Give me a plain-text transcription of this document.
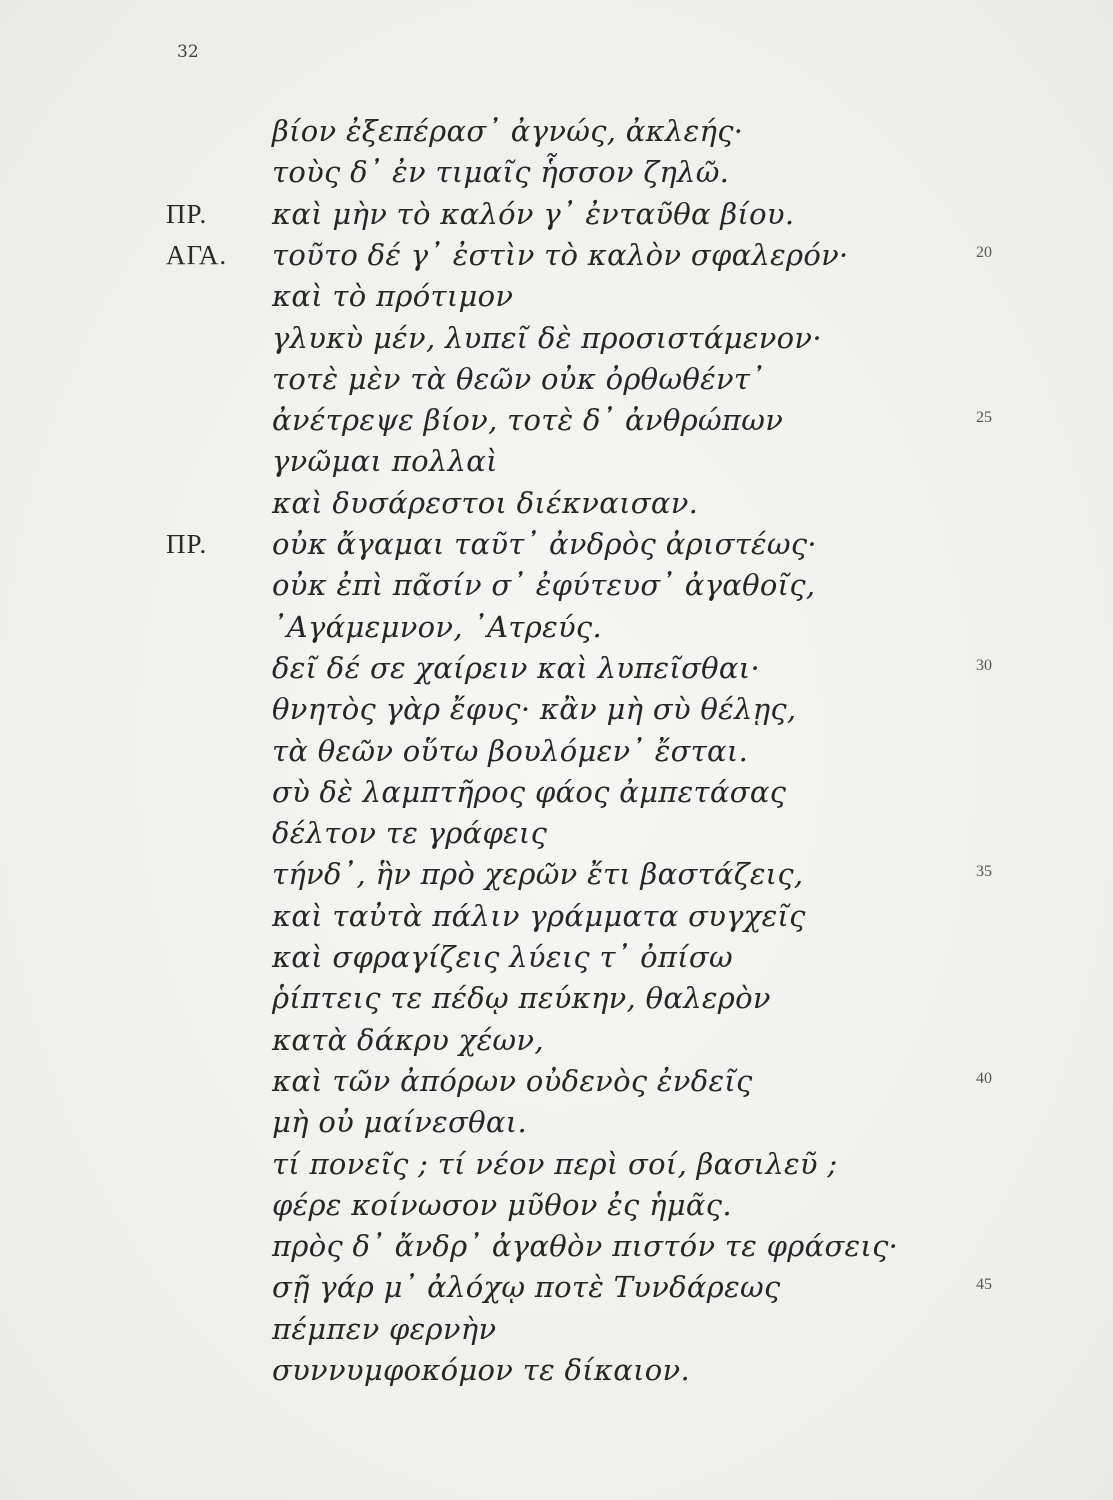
32
βίον ἐξεπέρασ᾽ ἀγνώς, ἀκλεής·
τοὺς δ᾽ ἐν τιμαῖς ἧσσον ζηλῶ.
ΠΡ. καὶ μὴν τὸ καλόν γ᾽ ἐνταῦθα βίου.
ΑΓΑ. τοῦτο δέ γ᾽ ἐστὶν τὸ καλὸν σφαλερόν·	20
καὶ τὸ πρότιμον
γλυκὺ μέν, λυπεῖ δὲ προσιστάμενον·
τοτὲ μὲν τὰ θεῶν οὐκ ὀρθωθέντ᾽
ἀνέτρεψε βίον, τοτὲ δ᾽ ἀνθρώπων	25
γνῶμαι πολλαὶ
καὶ δυσάρεστοι διέκναισαν.
ΠΡ. οὐκ ἄγαμαι ταῦτ᾽ ἀνδρὸς ἀριστέως·
οὐκ ἐπὶ πᾶσίν σ᾽ ἐφύτευσ᾽ ἀγαθοῖς,
᾽Αγάμεμνον, ᾽Ατρεύς.
δεῖ δέ σε χαίρειν καὶ λυπεῖσθαι·	30
θνητὸς γὰρ ἔφυς· κἂν μὴ σὺ θέλῃς,
τὰ θεῶν οὕτω βουλόμεν᾽ ἔσται.
σὺ δὲ λαμπτῆρος φάος ἀμπετάσας
δέλτον τε γράφεις
τήνδ᾽, ἣν πρὸ χερῶν ἔτι βαστάζεις,	35
καὶ ταὐτὰ πάλιν γράμματα συγχεῖς
καὶ σφραγίζεις λύεις τ᾽ ὀπίσω
ῥίπτεις τε πέδῳ πεύκην, θαλερὸν
κατὰ δάκρυ χέων,
καὶ τῶν ἀπόρων οὐδενὸς ἐνδεῖς	40
μὴ οὐ μαίνεσθαι.
τί πονεῖς ; τί νέον περὶ σοί, βασιλεῦ ;
φέρε κοίνωσον μῦθον ἐς ἡμᾶς.
πρὸς δ᾽ ἄνδρ᾽ ἀγαθὸν πιστόν τε φράσεις·
σῇ γάρ μ᾽ ἀλόχῳ ποτὲ Τυνδάρεως	45
πέμπεν φερνὴν
συννυμφοκόμον τε δίκαιον.
